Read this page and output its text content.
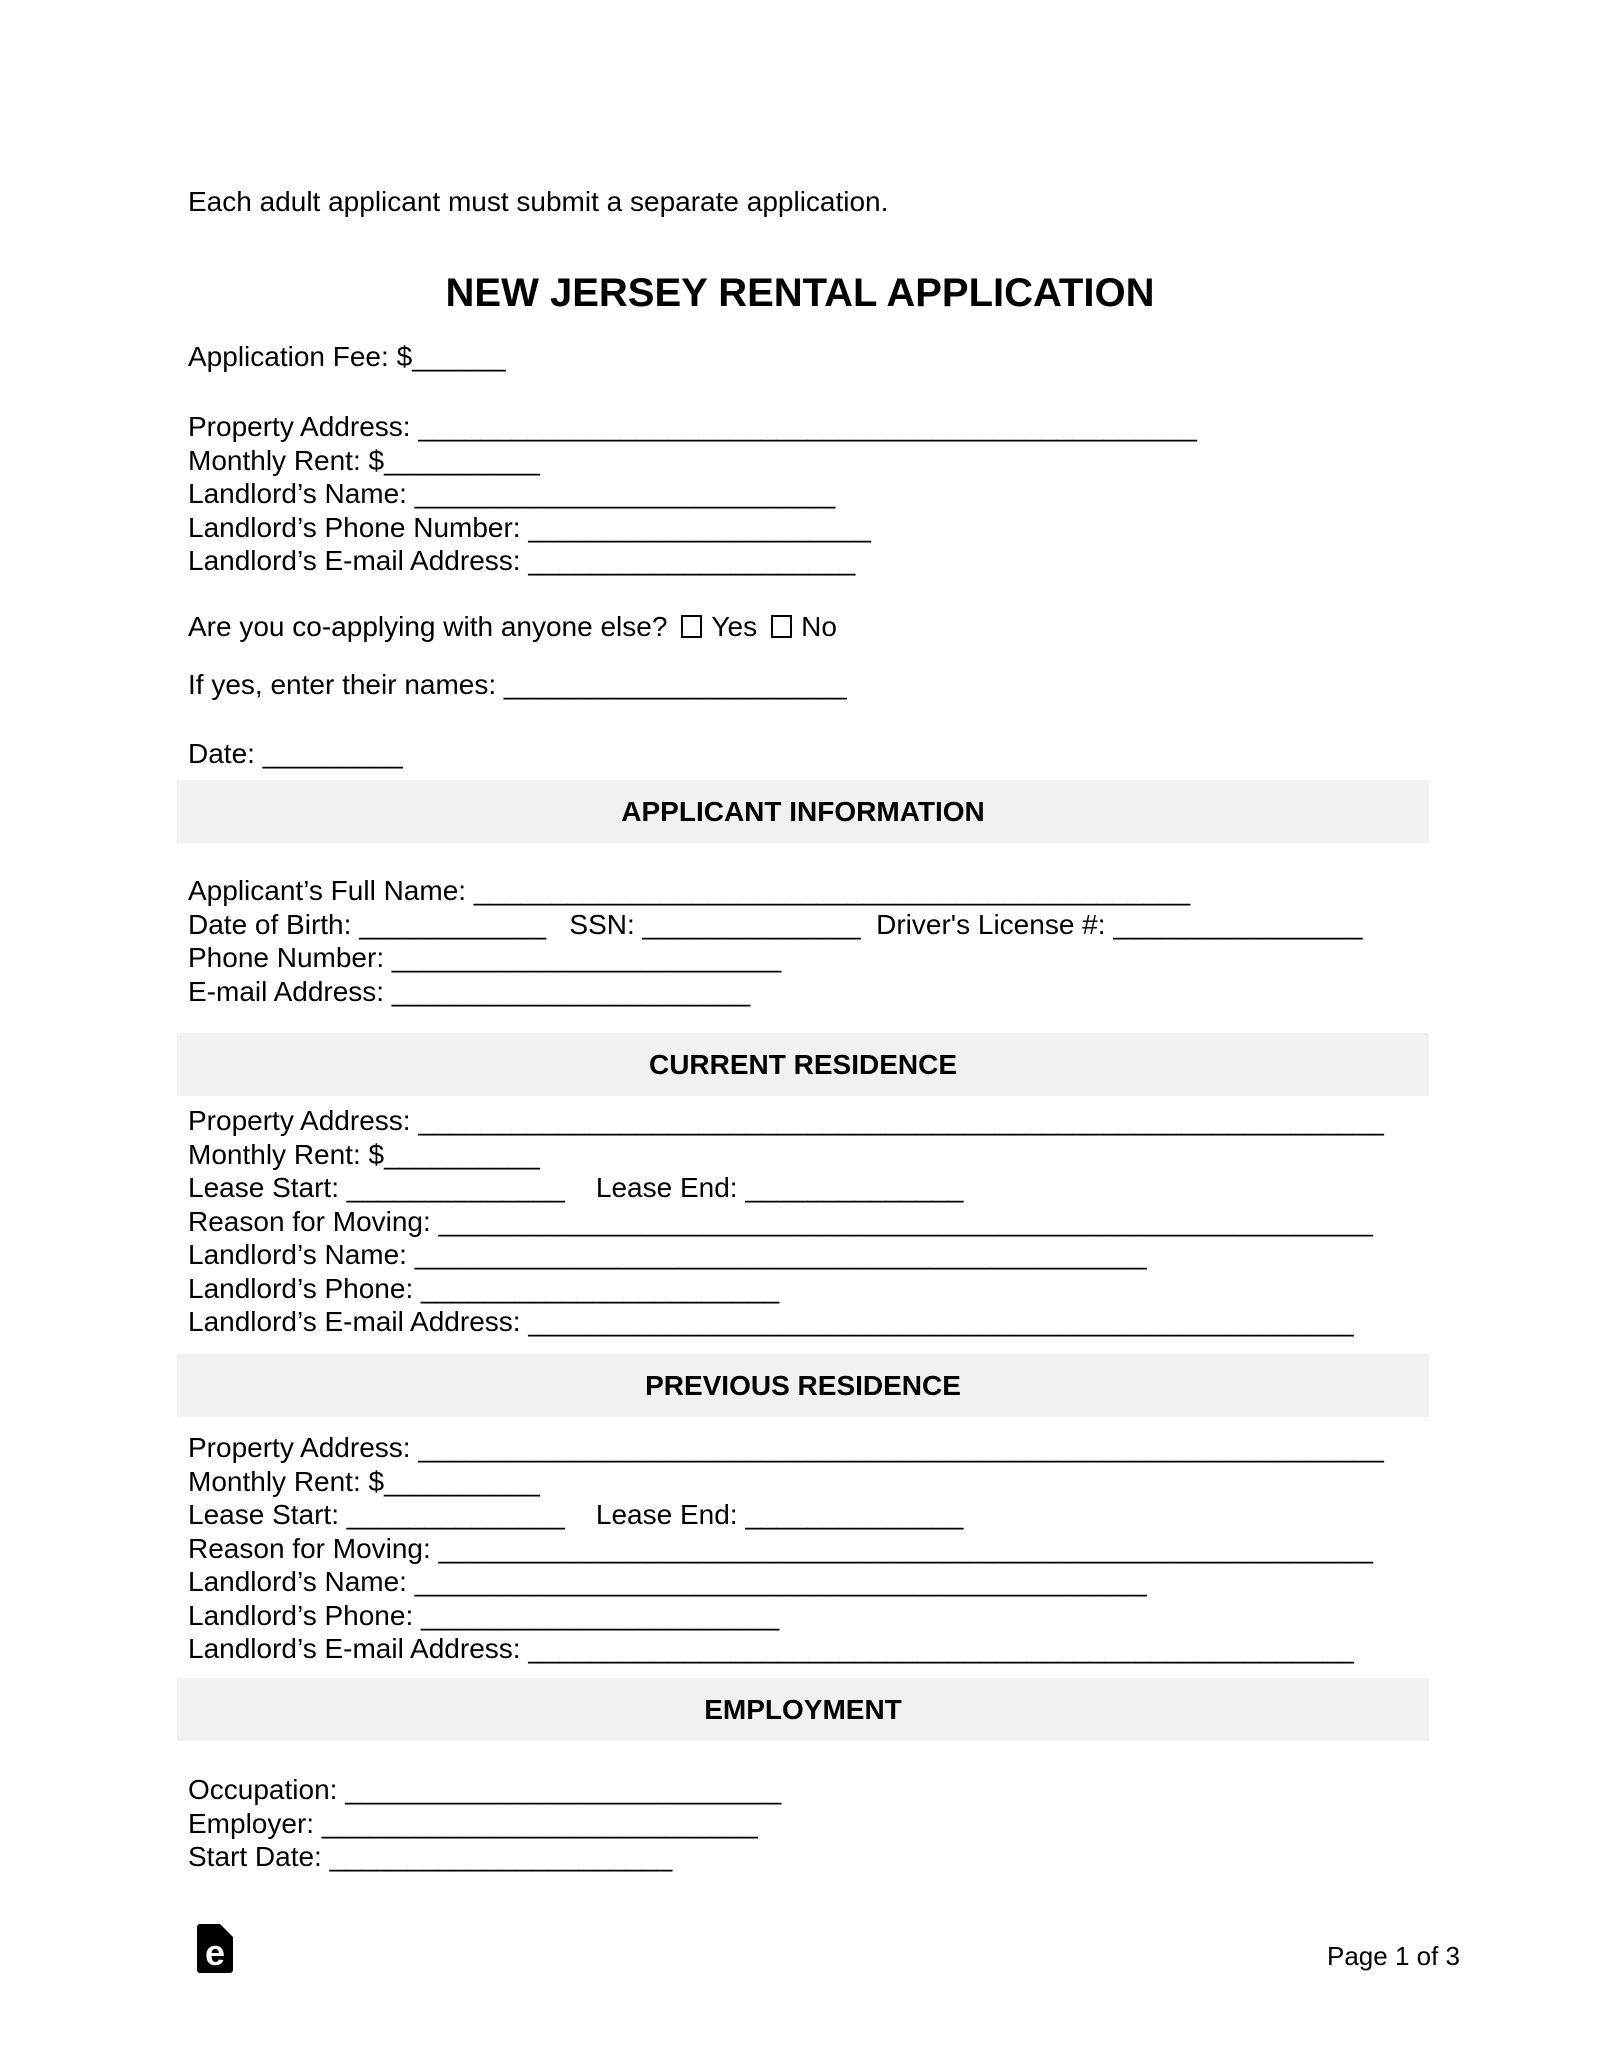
Each adult applicant must submit a separate application.
NEW JERSEY RENTAL APPLICATION
Application Fee: $______
Property Address: __________________________________________________
Monthly Rent: $__________
Landlord’s Name: ___________________________
Landlord’s Phone Number: ______________________
Landlord’s E-mail Address: _____________________
Are you co-applying with anyone else? Yes No
If yes, enter their names: ______________________
Date: _________
APPLICANT INFORMATION
Applicant’s Full Name: ______________________________________________
Date of Birth: ____________   SSN: ______________  Driver's License #: ________________
Phone Number: _________________________
E-mail Address: _______________________
CURRENT RESIDENCE
Property Address: ______________________________________________________________
Monthly Rent: $__________
Lease Start: ______________    Lease End: ______________
Reason for Moving: ____________________________________________________________
Landlord’s Name: _______________________________________________
Landlord’s Phone: _______________________
Landlord’s E-mail Address: _____________________________________________________
PREVIOUS RESIDENCE
Property Address: ______________________________________________________________
Monthly Rent: $__________
Lease Start: ______________    Lease End: ______________
Reason for Moving: ____________________________________________________________
Landlord’s Name: _______________________________________________
Landlord’s Phone: _______________________
Landlord’s E-mail Address: _____________________________________________________
EMPLOYMENT
Occupation: ____________________________
Employer: ____________________________
Start Date: ______________________
e	Page 1 of 3
